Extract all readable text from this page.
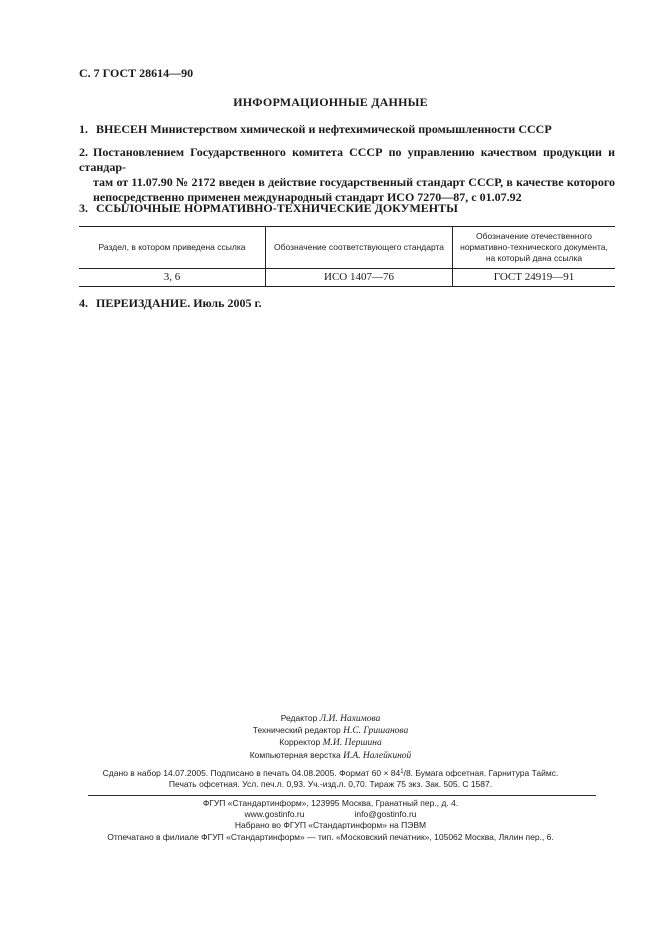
С. 7 ГОСТ 28614—90
ИНФОРМАЦИОННЫЕ ДАННЫЕ
1. ВНЕСЕН Министерством химической и нефтехимической промышленности СССР
2. Постановлением Государственного комитета СССР по управлению качеством продукции и стандар-
там от 11.07.90 № 2172 введен в действие государственный стандарт СССР, в качестве которого
непосредственно применен международный стандарт ИСО 7270—87, с 01.07.92
3. ССЫЛОЧНЫЕ НОРМАТИВНО-ТЕХНИЧЕСКИЕ ДОКУМЕНТЫ
Раздел, в котором приведена ссылка	Обозначение соответствующего стандарта	Обозначение отечественного нормативно-технического документа, на который дана ссылка
3, 6	ИСО 1407—76	ГОСТ 24919—91
4. ПЕРЕИЗДАНИЕ. Июль 2005 г.
Редактор Л.И. Нахимова
Технический редактор Н.С. Гришанова
Корректор М.И. Першина
Компьютерная верстка И.А. Налейкиной
Сдано в набор 14.07.2005. Подписано в печать 04.08.2005. Формат $60 \times 84^1/8$. Бумага офсетная. Гарнитура Таймс.
Печать офсетная. Усл. печ.л. 0,93. Уч.-изд.л. 0,70. Тираж 75 экз. Зак. 505. С 1587.
ФГУП «Стандартинформ», 123995 Москва, Гранатный пер., д. 4.
www.gostinfo.ru	info@gostinfo.ru
Набрано во ФГУП «Стандартинформ» на ПЭВМ
Отпечатано в филиале ФГУП «Стандартинформ» — тип. «Московский печатник», 105062 Москва, Лялин пер., 6.
